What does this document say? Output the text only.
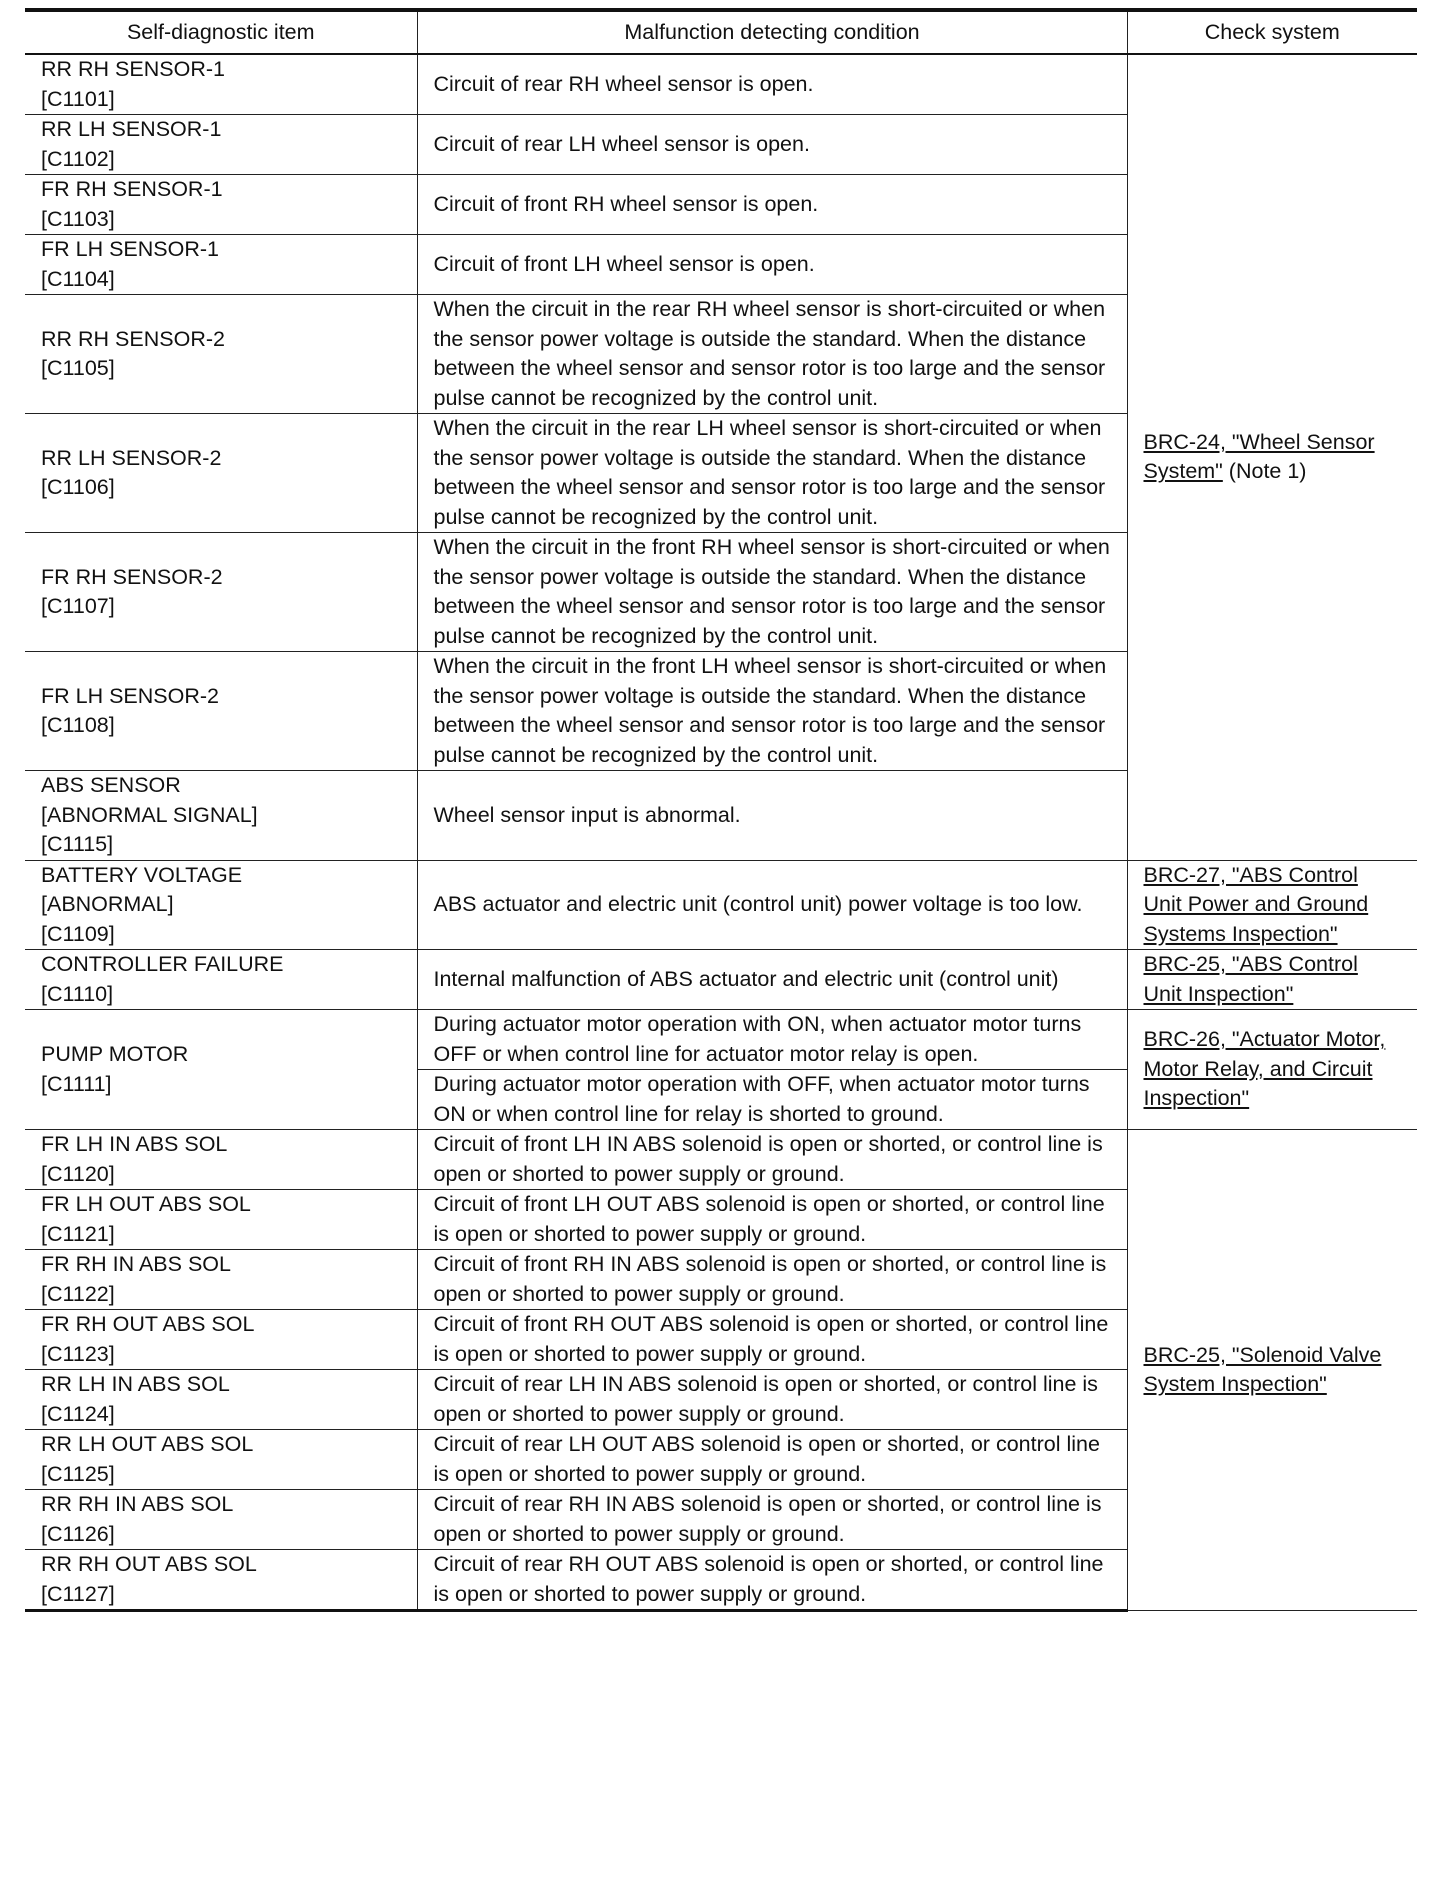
Self-diagnostic item	Malfunction detecting condition	Check system

RR RH SENSOR-1
[C1101]	Circuit of rear RH wheel sensor is open.	BRC-24, "Wheel Sensor System" (Note 1)

RR LH SENSOR-1
[C1102]	Circuit of rear LH wheel sensor is open.	

FR RH SENSOR-1
[C1103]	Circuit of front RH wheel sensor is open.	

FR LH SENSOR-1
[C1104]	Circuit of front LH wheel sensor is open.	

RR RH SENSOR-2
[C1105]	When the circuit in the rear RH wheel sensor is short-circuited or when the sensor power voltage is outside the standard. When the distance between the wheel sensor and sensor rotor is too large and the sensor pulse cannot be recognized by the control unit.	

RR LH SENSOR-2
[C1106]	When the circuit in the rear LH wheel sensor is short-circuited or when the sensor power voltage is outside the standard. When the distance between the wheel sensor and sensor rotor is too large and the sensor pulse cannot be recognized by the control unit.	

FR RH SENSOR-2
[C1107]	When the circuit in the front RH wheel sensor is short-circuited or when the sensor power voltage is outside the standard. When the distance between the wheel sensor and sensor rotor is too large and the sensor pulse cannot be recognized by the control unit.	

FR LH SENSOR-2
[C1108]	When the circuit in the front LH wheel sensor is short-circuited or when the sensor power voltage is outside the standard. When the distance between the wheel sensor and sensor rotor is too large and the sensor pulse cannot be recognized by the control unit.	

ABS SENSOR
[ABNORMAL SIGNAL]
[C1115]	Wheel sensor input is abnormal.	

BATTERY VOLTAGE
[ABNORMAL]
[C1109]	ABS actuator and electric unit (control unit) power voltage is too low.	BRC-27, "ABS Control Unit Power and Ground Systems Inspection"

CONTROLLER FAILURE
[C1110]	Internal malfunction of ABS actuator and electric unit (control unit)	BRC-25, "ABS Control Unit Inspection"

PUMP MOTOR
[C1111]	During actuator motor operation with ON, when actuator motor turns OFF or when control line for actuator motor relay is open.	BRC-26, "Actuator Motor, Motor Relay, and Circuit Inspection"
	During actuator motor operation with OFF, when actuator motor turns ON or when control line for relay is shorted to ground.	

FR LH IN ABS SOL
[C1120]	Circuit of front LH IN ABS solenoid is open or shorted, or control line is open or shorted to power supply or ground.	BRC-25, "Solenoid Valve System Inspection"

FR LH OUT ABS SOL
[C1121]	Circuit of front LH OUT ABS solenoid is open or shorted, or control line is open or shorted to power supply or ground.	

FR RH IN ABS SOL
[C1122]	Circuit of front RH IN ABS solenoid is open or shorted, or control line is open or shorted to power supply or ground.	

FR RH OUT ABS SOL
[C1123]	Circuit of front RH OUT ABS solenoid is open or shorted, or control line is open or shorted to power supply or ground.	

RR LH IN ABS SOL
[C1124]	Circuit of rear LH IN ABS solenoid is open or shorted, or control line is open or shorted to power supply or ground.	

RR LH OUT ABS SOL
[C1125]	Circuit of rear LH OUT ABS solenoid is open or shorted, or control line is open or shorted to power supply or ground.	

RR RH IN ABS SOL
[C1126]	Circuit of rear RH IN ABS solenoid is open or shorted, or control line is open or shorted to power supply or ground.	

RR RH OUT ABS SOL
[C1127]	Circuit of rear RH OUT ABS solenoid is open or shorted, or control line is open or shorted to power supply or ground.	
